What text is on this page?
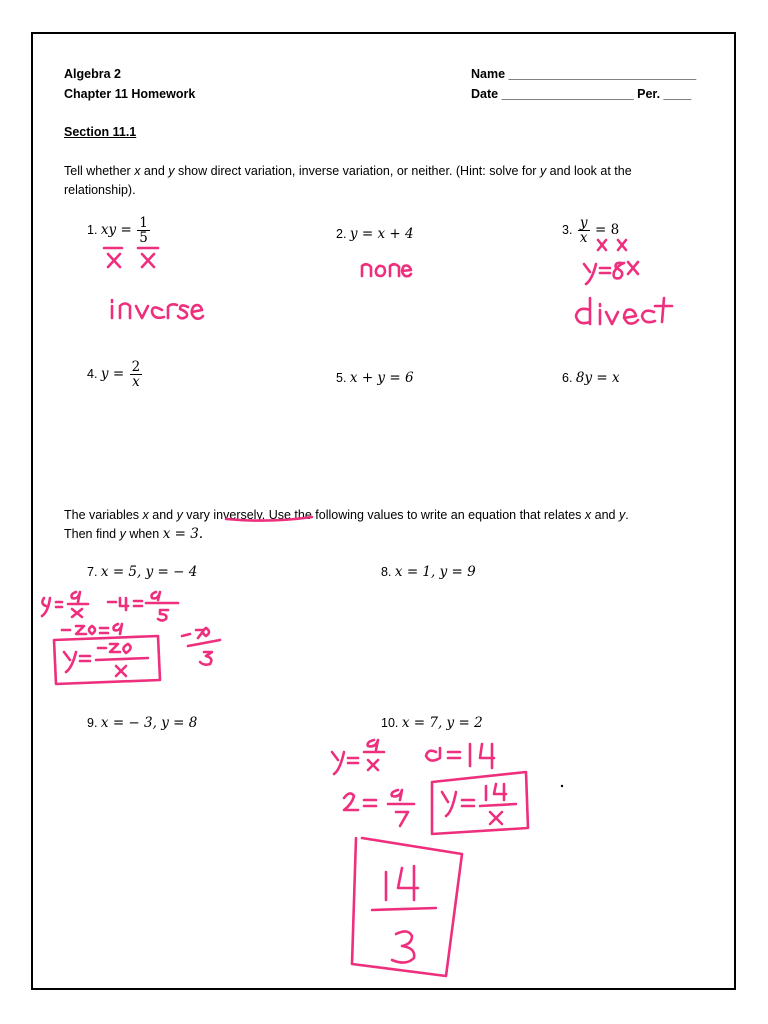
Algebra 2
Chapter 11 Homework
Name ___________________________
Date ___________________ Per. ____
Section 11.1
Tell whether x and y show direct variation, inverse variation, or neither. (Hint: solve for y and look at the relationship).
1. xy = $\frac{1}{5}$	2. y = x + 4	3. $\frac{y}{x} = 8$
4. $y = \frac{2}{x}$	5. x + y = 6	6. 8y = x
The variables x and y vary inversely. Use the following values to write an equation that relates x and y.
Then find y when x = 3.
7. x = 5, y = − 4	8. x = 1, y = 9
9. x = − 3, y = 8	10. x = 7, y = 2
